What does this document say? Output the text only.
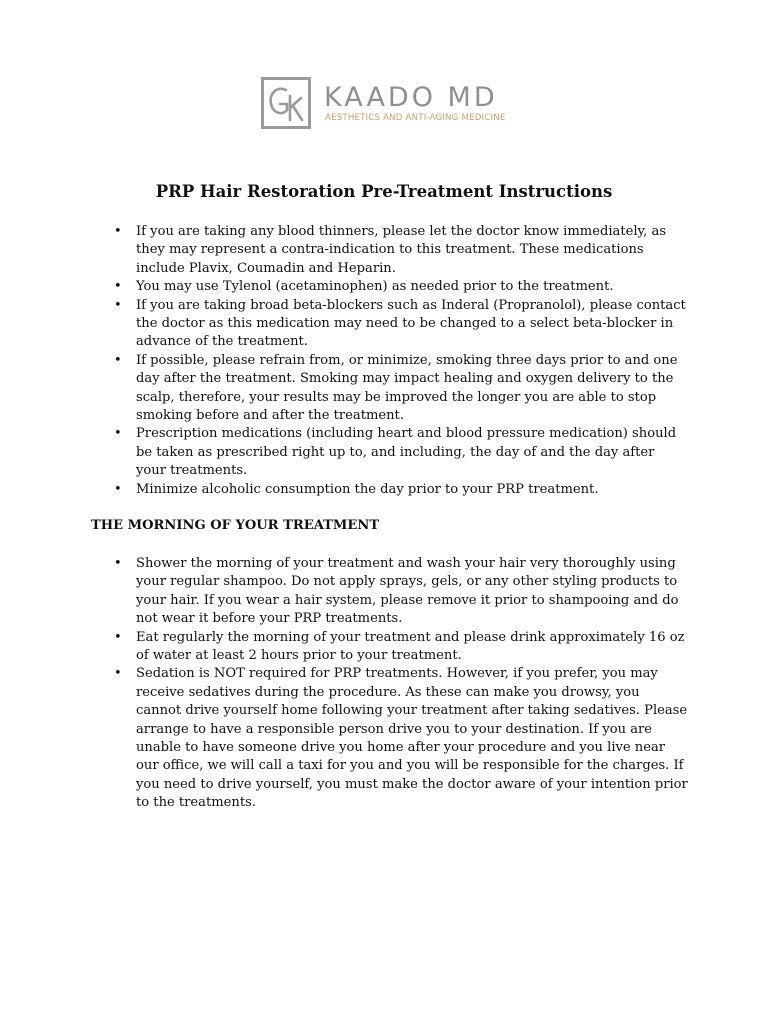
KAADO MD
AESTHETICS AND ANTI-AGING MEDICINE
PRP Hair Restoration Pre-Treatment Instructions
• If you are taking any blood thinners, please let the doctor know immediately, as they may represent a contra-indication to this treatment. These medications include Plavix, Coumadin and Heparin.
• You may use Tylenol (acetaminophen) as needed prior to the treatment.
• If you are taking broad beta-blockers such as Inderal (Propranolol), please contact the doctor as this medication may need to be changed to a select beta-blocker in advance of the treatment.
• If possible, please refrain from, or minimize, smoking three days prior to and one day after the treatment. Smoking may impact healing and oxygen delivery to the scalp, therefore, your results may be improved the longer you are able to stop smoking before and after the treatment.
• Prescription medications (including heart and blood pressure medication) should be taken as prescribed right up to, and including, the day of and the day after your treatments.
• Minimize alcoholic consumption the day prior to your PRP treatment.
THE MORNING OF YOUR TREATMENT
• Shower the morning of your treatment and wash your hair very thoroughly using your regular shampoo. Do not apply sprays, gels, or any other styling products to your hair. If you wear a hair system, please remove it prior to shampooing and do not wear it before your PRP treatments.
• Eat regularly the morning of your treatment and please drink approximately 16 oz of water at least 2 hours prior to your treatment.
• Sedation is NOT required for PRP treatments. However, if you prefer, you may receive sedatives during the procedure. As these can make you drowsy, you cannot drive yourself home following your treatment after taking sedatives. Please arrange to have a responsible person drive you to your destination. If you are unable to have someone drive you home after your procedure and you live near our office, we will call a taxi for you and you will be responsible for the charges. If you need to drive yourself, you must make the doctor aware of your intention prior to the treatments.
